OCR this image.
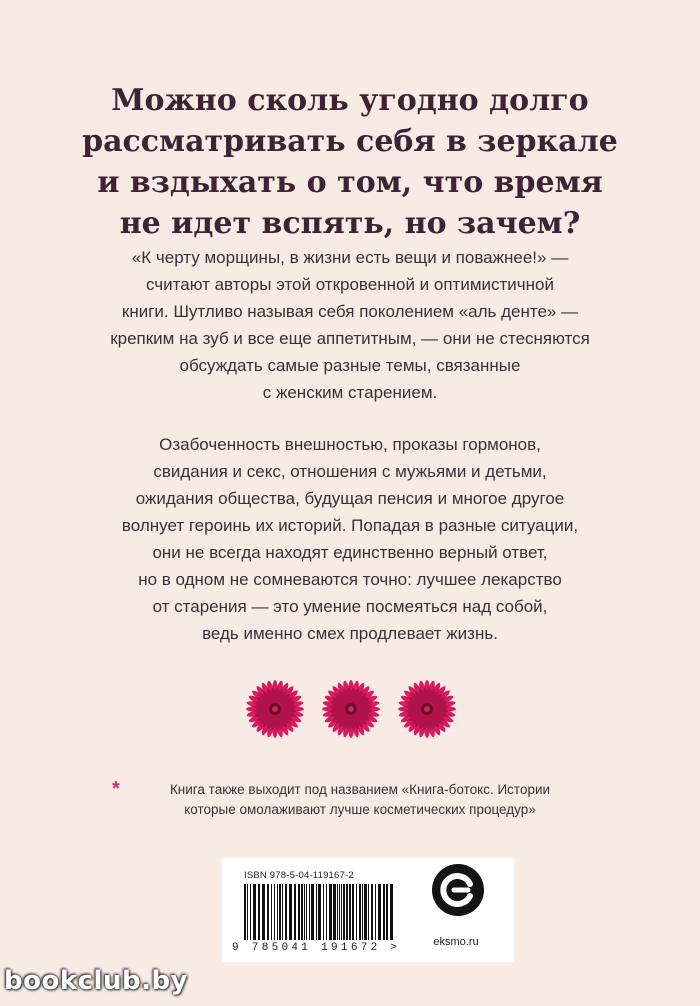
Можно сколь угодно долго
рассматривать себя в зеркале
и вздыхать о том, что время
не идет вспять, но зачем?
«К черту морщины, в жизни есть вещи и поважнее!» —
считают авторы этой откровенной и оптимистичной
книги. Шутливо называя себя поколением «аль денте» —
крепким на зуб и все еще аппетитным, — они не стесняются
обсуждать самые разные темы, связанные
с женским старением.
Озабоченность внешностью, проказы гормонов,
свидания и секс, отношения с мужьями и детьми,
ожидания общества, будущая пенсия и многое другое
волнует героинь их историй. Попадая в разные ситуации,
они не всегда находят единственно верный ответ,
но в одном не сомневаются точно: лучшее лекарство
от старения — это умение посмеяться над собой,
ведь именно смех продлевает жизнь.
*	Книга также выходит под названием «Книга-ботокс. Истории
которые омолаживают лучше косметических процедур»
ISBN 978-5-04-119167-2
9 785041 191672 >	eksmo.ru
bookclub.by
